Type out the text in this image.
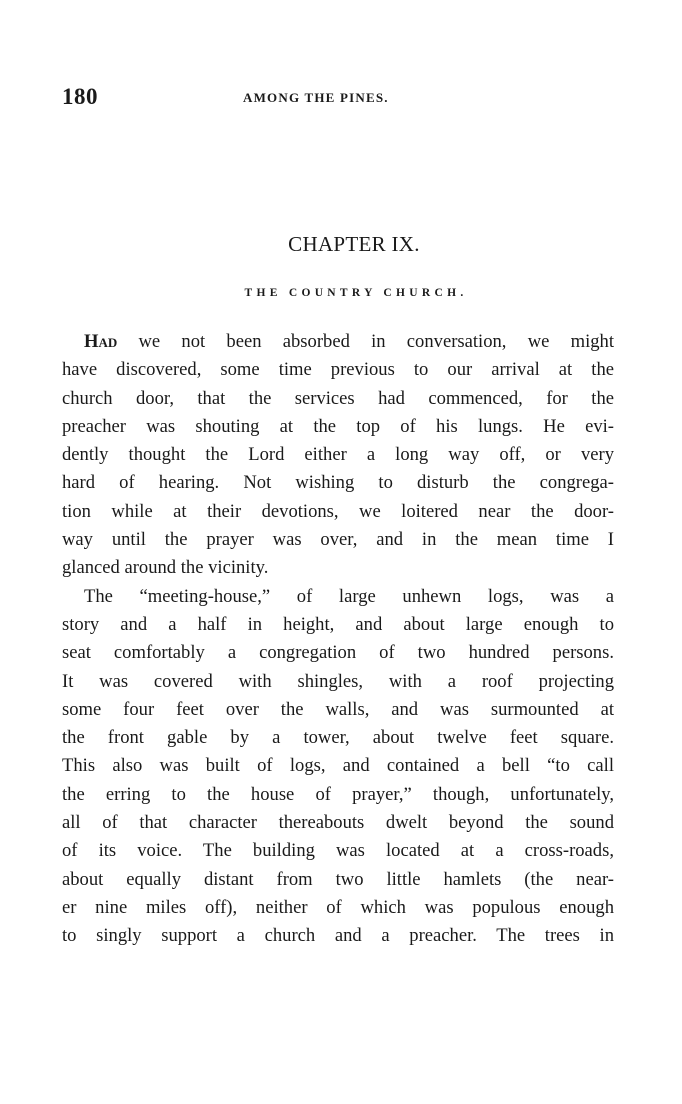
180	AMONG THE PINES.
CHAPTER IX.
THE COUNTRY CHURCH.
Had we not been absorbed in conversation, we might
have discovered, some time previous to our arrival at the
church door, that the services had commenced, for the
preacher was shouting at the top of his lungs. He evi-
dently thought the Lord either a long way off, or very
hard of hearing. Not wishing to disturb the congrega-
tion while at their devotions, we loitered near the door-
way until the prayer was over, and in the mean time I
glanced around the vicinity.
The “meeting-house,” of large unhewn logs, was a
story and a half in height, and about large enough to
seat comfortably a congregation of two hundred persons.
It was covered with shingles, with a roof projecting
some four feet over the walls, and was surmounted at
the front gable by a tower, about twelve feet square.
This also was built of logs, and contained a bell “to call
the erring to the house of prayer,” though, unfortunately,
all of that character thereabouts dwelt beyond the sound
of its voice. The building was located at a cross-roads,
about equally distant from two little hamlets (the near-
er nine miles off), neither of which was populous enough
to singly support a church and a preacher. The trees in
